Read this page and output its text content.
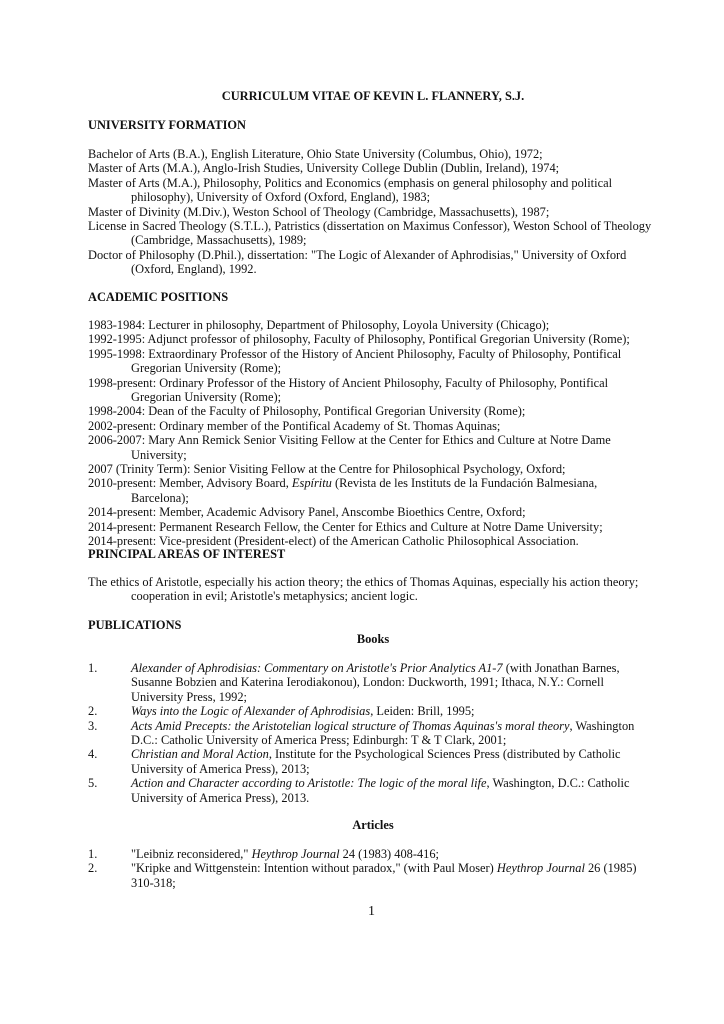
CURRICULUM VITAE OF KEVIN L. FLANNERY, S.J.
UNIVERSITY FORMATION

Bachelor of Arts (B.A.), English Literature, Ohio State University (Columbus, Ohio), 1972;

Master of Arts (M.A.), Anglo-Irish Studies, University College Dublin (Dublin, Ireland), 1974;

Master of Arts (M.A.), Philosophy, Politics and Economics (emphasis on general philosophy and political philosophy), University of Oxford (Oxford, England), 1983;

Master of Divinity (M.Div.), Weston School of Theology (Cambridge, Massachusetts), 1987;

License in Sacred Theology (S.T.L.), Patristics (dissertation on Maximus Confessor), Weston School of Theology (Cambridge, Massachusetts), 1989;

Doctor of Philosophy (D.Phil.), dissertation: "The Logic of Alexander of Aphrodisias," University of Oxford (Oxford, England), 1992.

ACADEMIC POSITIONS

1983-1984: Lecturer in philosophy, Department of Philosophy, Loyola University (Chicago);

1992-1995: Adjunct professor of philosophy, Faculty of Philosophy, Pontifical Gregorian University (Rome);

1995-1998: Extraordinary Professor of the History of Ancient Philosophy, Faculty of Philosophy, Pontifical Gregorian University (Rome);

1998-present: Ordinary Professor of the History of Ancient Philosophy, Faculty of Philosophy, Pontifical Gregorian University (Rome);

1998-2004: Dean of the Faculty of Philosophy, Pontifical Gregorian University (Rome);

2002-present: Ordinary member of the Pontifical Academy of St. Thomas Aquinas;

2006-2007: Mary Ann Remick Senior Visiting Fellow at the Center for Ethics and Culture at Notre Dame University;

2007 (Trinity Term): Senior Visiting Fellow at the Centre for Philosophical Psychology, Oxford;

2010-present: Member, Advisory Board, Espíritu (Revista de les Instituts de la Fundación Balmesiana, Barcelona);

2014-present: Member, Academic Advisory Panel, Anscombe Bioethics Centre, Oxford;

2014-present: Permanent Research Fellow, the Center for Ethics and Culture at Notre Dame University;

2014-present: Vice-president (President-elect) of the American Catholic Philosophical Association.

PRINCIPAL AREAS OF INTEREST

The ethics of Aristotle, especially his action theory; the ethics of Thomas Aquinas, especially his action theory; cooperation in evil; Aristotle's metaphysics; ancient logic.

PUBLICATIONS
Books
1.	Alexander of Aphrodisias: Commentary on Aristotle's Prior Analytics A1-7 (with Jonathan Barnes, Susanne Bobzien and Katerina Ierodiakonou), London: Duckworth, 1991; Ithaca, N.Y.: Cornell University Press, 1992;
2.	Ways into the Logic of Alexander of Aphrodisias, Leiden: Brill, 1995;
3.	Acts Amid Precepts: the Aristotelian logical structure of Thomas Aquinas's moral theory, Washington D.C.: Catholic University of America Press; Edinburgh: T & T Clark, 2001;
4.	Christian and Moral Action, Institute for the Psychological Sciences Press (distributed by Catholic University of America Press), 2013;
5.	Action and Character according to Aristotle: The logic of the moral life, Washington, D.C.: Catholic University of America Press), 2013.
Articles
1.	"Leibniz reconsidered," Heythrop Journal 24 (1983) 408-416;
2.	"Kripke and Wittgenstein: Intention without paradox," (with Paul Moser) Heythrop Journal 26 (1985) 310-318;
1
